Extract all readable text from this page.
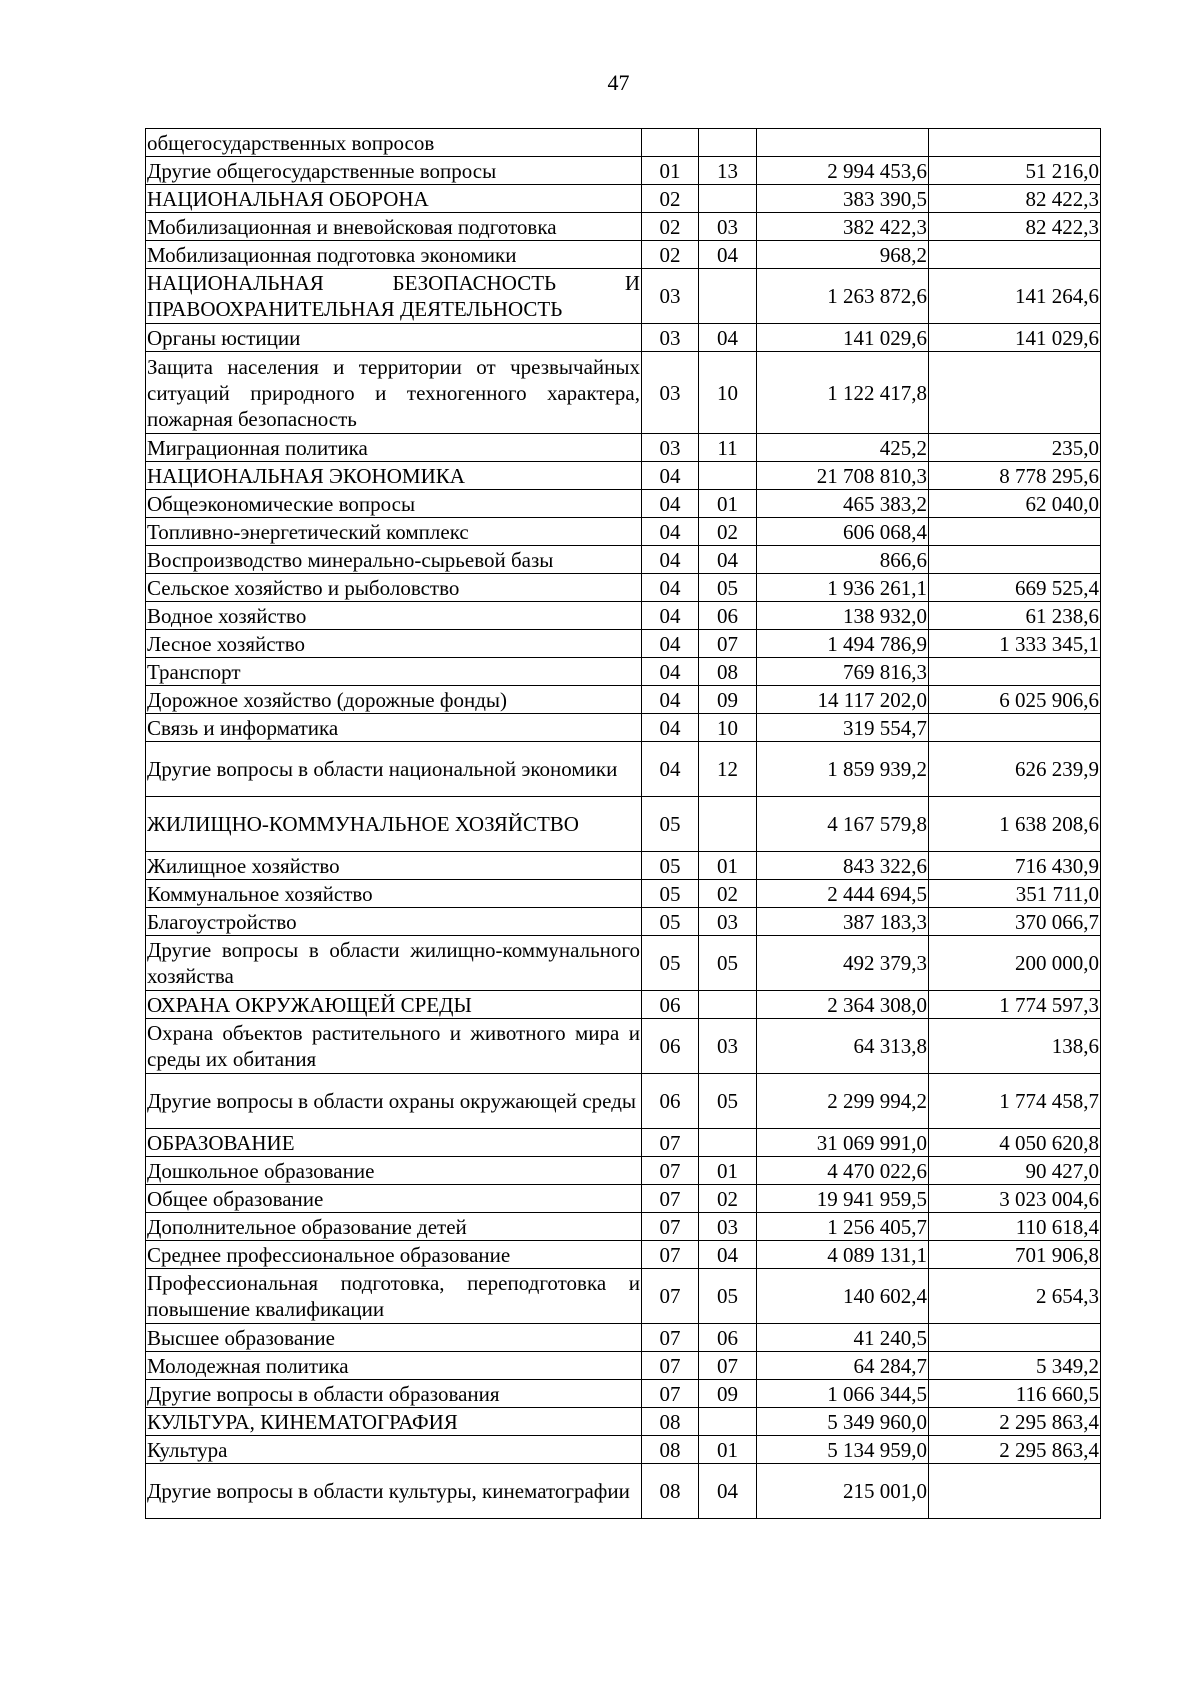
47
общегосударственных вопросов				
Другие общегосударственные вопросы	01	13	2 994 453,6	51 216,0
НАЦИОНАЛЬНАЯ ОБОРОНА	02		383 390,5	82 422,3
Мобилизационная и вневойсковая подготовка	02	03	382 422,3	82 422,3
Мобилизационная подготовка экономики	02	04	968,2	
НАЦИОНАЛЬНАЯ БЕЗОПАСНОСТЬ И ПРАВООХРАНИТЕЛЬНАЯ ДЕЯТЕЛЬНОСТЬ	03		1 263 872,6	141 264,6
Органы юстиции	03	04	141 029,6	141 029,6
Защита населения и территории от чрезвычайных ситуаций природного и техногенного характера, пожарная безопасность	03	10	1 122 417,8	
Миграционная политика	03	11	425,2	235,0
НАЦИОНАЛЬНАЯ ЭКОНОМИКА	04		21 708 810,3	8 778 295,6
Общеэкономические вопросы	04	01	465 383,2	62 040,0
Топливно-энергетический комплекс	04	02	606 068,4	
Воспроизводство минерально-сырьевой базы	04	04	866,6	
Сельское хозяйство и рыболовство	04	05	1 936 261,1	669 525,4
Водное хозяйство	04	06	138 932,0	61 238,6
Лесное хозяйство	04	07	1 494 786,9	1 333 345,1
Транспорт	04	08	769 816,3	
Дорожное хозяйство (дорожные фонды)	04	09	14 117 202,0	6 025 906,6
Связь и информатика	04	10	319 554,7	
Другие вопросы в области национальной экономики	04	12	1 859 939,2	626 239,9
ЖИЛИЩНО-КОММУНАЛЬНОЕ ХОЗЯЙСТВО	05		4 167 579,8	1 638 208,6
Жилищное хозяйство	05	01	843 322,6	716 430,9
Коммунальное хозяйство	05	02	2 444 694,5	351 711,0
Благоустройство	05	03	387 183,3	370 066,7
Другие вопросы в области жилищно-коммунального хозяйства	05	05	492 379,3	200 000,0
ОХРАНА ОКРУЖАЮЩЕЙ СРЕДЫ	06		2 364 308,0	1 774 597,3
Охрана объектов растительного и животного мира и среды их обитания	06	03	64 313,8	138,6
Другие вопросы в области охраны окружающей среды	06	05	2 299 994,2	1 774 458,7
ОБРАЗОВАНИЕ	07		31 069 991,0	4 050 620,8
Дошкольное образование	07	01	4 470 022,6	90 427,0
Общее образование	07	02	19 941 959,5	3 023 004,6
Дополнительное образование детей	07	03	1 256 405,7	110 618,4
Среднее профессиональное образование	07	04	4 089 131,1	701 906,8
Профессиональная подготовка, переподготовка и повышение квалификации	07	05	140 602,4	2 654,3
Высшее образование	07	06	41 240,5	
Молодежная политика	07	07	64 284,7	5 349,2
Другие вопросы в области образования	07	09	1 066 344,5	116 660,5
КУЛЬТУРА, КИНЕМАТОГРАФИЯ	08		5 349 960,0	2 295 863,4
Культура	08	01	5 134 959,0	2 295 863,4
Другие вопросы в области культуры, кинематографии	08	04	215 001,0	
